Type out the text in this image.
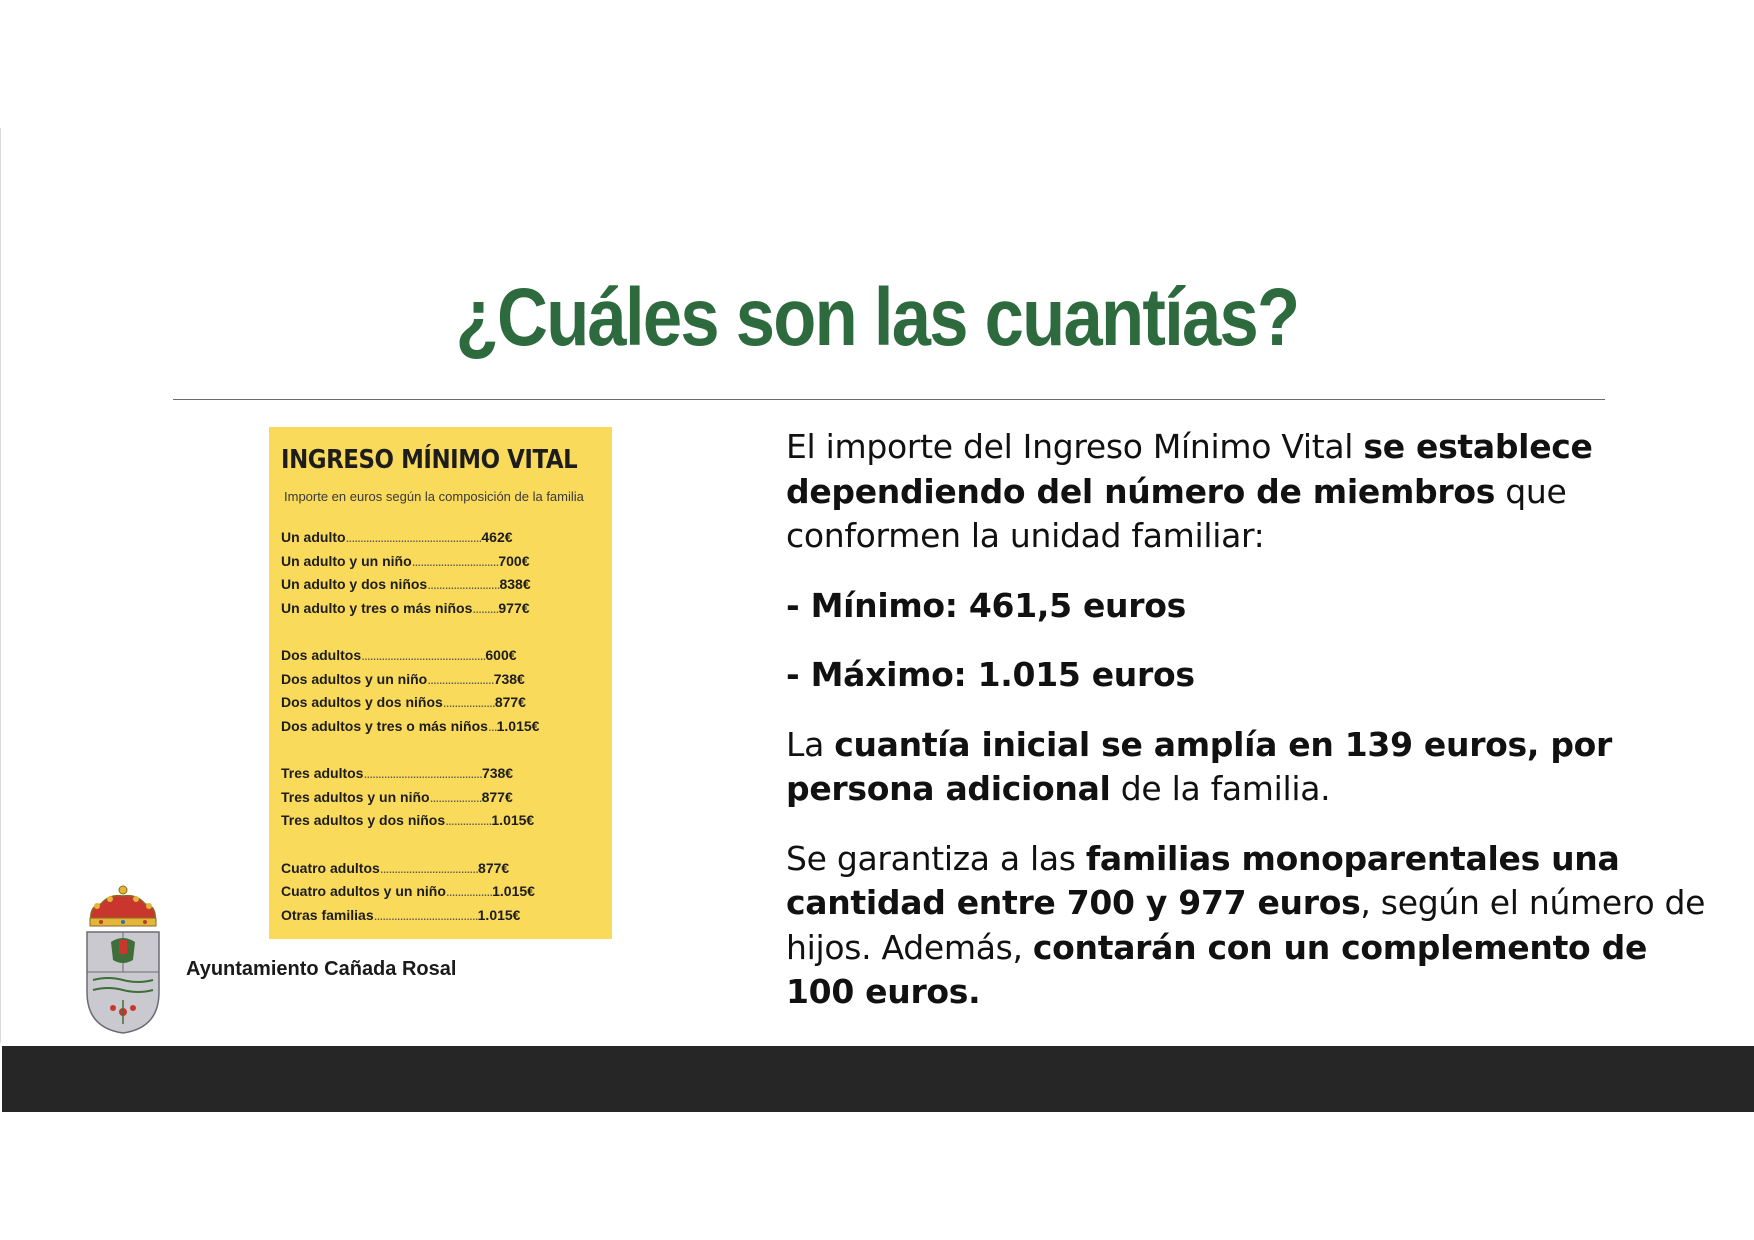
¿Cuáles son las cuantías?
INGRESO MÍNIMO VITAL
Importe en euros según la composición de la familia
Un adulto...............................................462€
Un adulto y un niño..............................700€
Un adulto y dos niños.........................838€
Un adulto y tres o más niños.........977€
Dos adultos...........................................600€
Dos adultos y un niño.......................738€
Dos adultos y dos niños..................877€
Dos adultos y tres o más niños...1.015€
Tres adultos.........................................738€
Tres adultos y un niño..................877€
Tres adultos y dos niños................1.015€
Cuatro adultos..................................877€
Cuatro adultos y un niño................1.015€
Otras familias....................................1.015€
Ayuntamiento Cañada Rosal

El importe del Ingreso Mínimo Vital se establece dependiendo del número de miembros que conformen la unidad familiar:

- Mínimo: 461,5 euros

- Máximo: 1.015 euros

La cuantía inicial se amplía en 139 euros, por persona adicional de la familia.

Se garantiza a las familias monoparentales una cantidad entre 700 y 977 euros, según el número de hijos. Además, contarán con un complemento de 100 euros.
